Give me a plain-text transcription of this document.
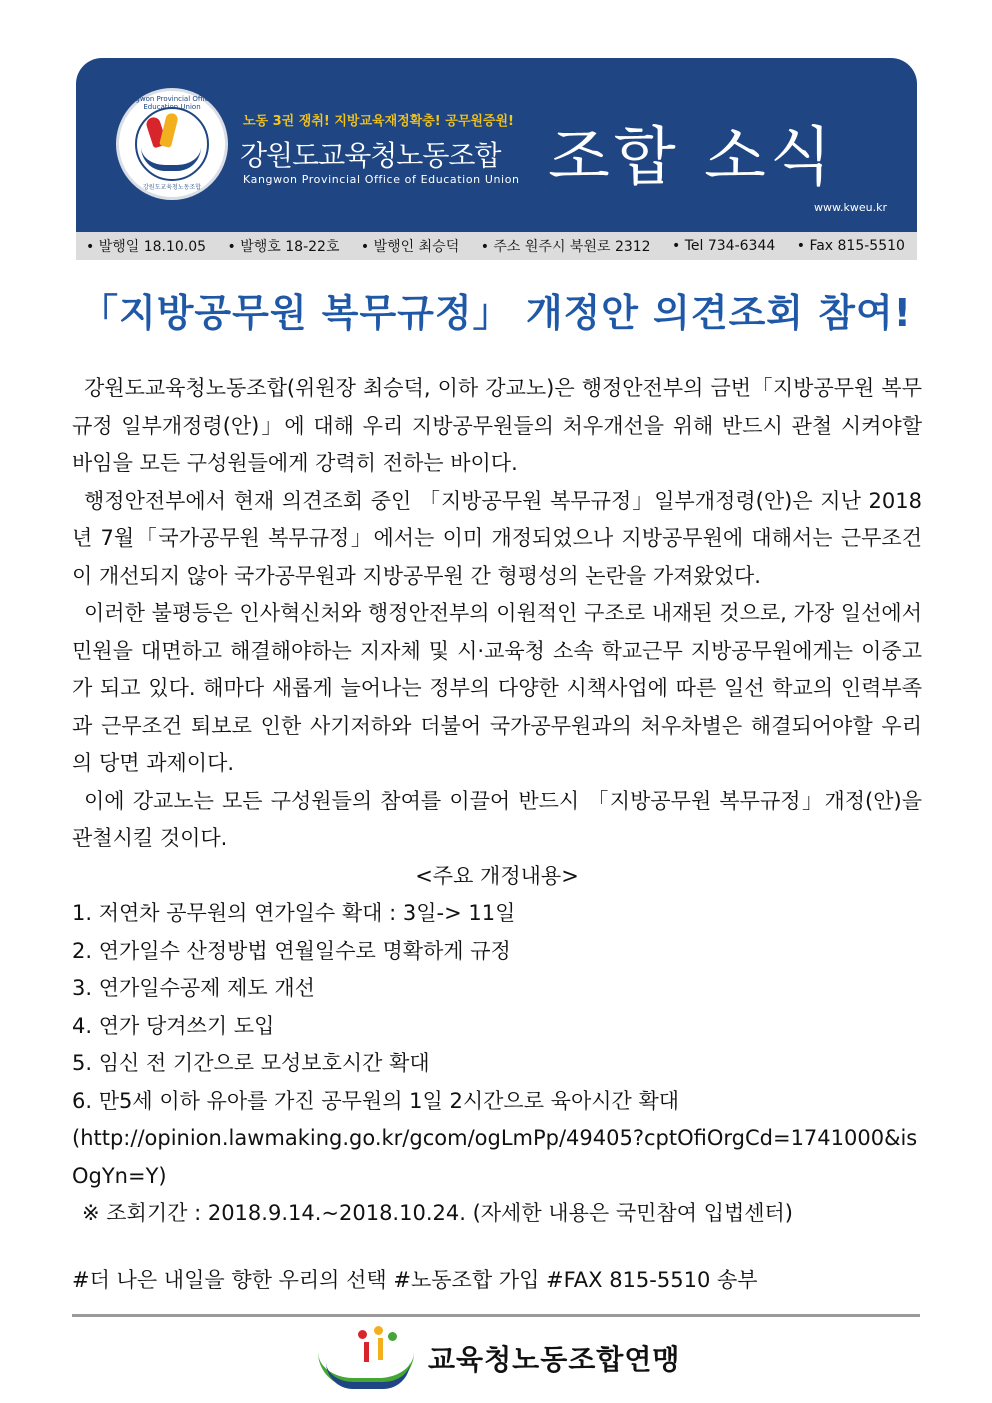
Kangwon Provincial Office of Education Union
강원도교육청노동조합
노동 3권 쟁취! 지방교육재정확충! 공무원증원!
강원도교육청노동조합
Kangwon Provincial Office of Education Union 조합 소식
www.kweu.kr
• 발행일 18.10.05 • 발행호 18-22호 • 발행인 최승덕 • 주소 원주시 북원로 2312 • Tel 734-6344 • Fax 815-5510
「지방공무원 복무규정」 개정안 의견조회 참여!

강원도교육청노동조합(위원장 최승덕, 이하 강교노)은 행정안전부의 금번「지방공무원 복무규정 일부개정령(안)」에 대해 우리 지방공무원들의 처우개선을 위해 반드시 관철 시켜야할 바임을 모든 구성원들에게 강력히 전하는 바이다.

행정안전부에서 현재 의견조회 중인 「지방공무원 복무규정」일부개정령(안)은 지난 2018년 7월「국가공무원 복무규정」에서는 이미 개정되었으나 지방공무원에 대해서는 근무조건이 개선되지 않아 국가공무원과 지방공무원 간 형평성의 논란을 가져왔었다.

이러한 불평등은 인사혁신처와 행정안전부의 이원적인 구조로 내재된 것으로, 가장 일선에서 민원을 대면하고 해결해야하는 지자체 및 시·교육청 소속 학교근무 지방공무원에게는 이중고가 되고 있다. 해마다 새롭게 늘어나는 정부의 다양한 시책사업에 따른 일선 학교의 인력부족과 근무조건 퇴보로 인한 사기저하와 더불어 국가공무원과의 처우차별은 해결되어야할 우리의 당면 과제이다.

이에 강교노는 모든 구성원들의 참여를 이끌어 반드시 「지방공무원 복무규정」개정(안)을 관철시킬 것이다.

<주요 개정내용>

1. 저연차 공무원의 연가일수 확대 : 3일-> 11일

2. 연가일수 산정방법 연월일수로 명확하게 규정

3. 연가일수공제 제도 개선

4. 연가 당겨쓰기 도입

5. 임신 전 기간으로 모성보호시간 확대

6. 만5세 이하 유아를 가진 공무원의 1일 2시간으로 육아시간 확대

(http://opinion.lawmaking.go.kr/gcom/ogLmPp/49405?cptOfiOrgCd=1741000&isOgYn=Y)

※ 조회기간 : 2018.9.14.~2018.10.24. (자세한 내용은 국민참여 입법센터)

#더 나은 내일을 향한 우리의 선택 #노동조합 가입 #FAX 815-5510 송부
교육청노동조합연맹
